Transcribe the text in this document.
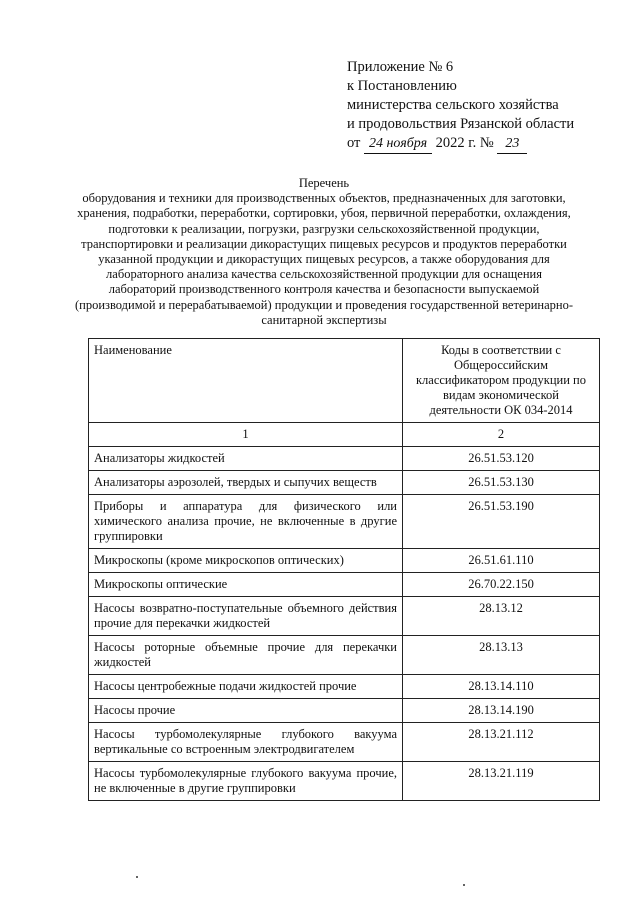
Приложение № 6
к Постановлению
министерства сельского хозяйства
и продовольствия Рязанской области
от 24 ноября 2022 г. № 23
Перечень
оборудования и техники для производственных объектов, предназначенных для заготовки, хранения, подработки, переработки, сортировки, убоя, первичной переработки, охлаждения, подготовки к реализации, погрузки, разгрузки сельскохозяйственной продукции, транспортировки и реализации дикорастущих пищевых ресурсов и продуктов переработки указанной продукции и дикорастущих пищевых ресурсов, а также оборудования для лабораторного анализа качества сельскохозяйственной продукции для оснащения лабораторий производственного контроля качества и безопасности выпускаемой (производимой и перерабатываемой) продукции и проведения государственной ветеринарно-санитарной экспертизы
Наименование	Коды в соответствии с Общероссийским классификатором продукции по видам экономической деятельности ОК 034-2014
1	2
Анализаторы жидкостей	26.51.53.120
Анализаторы аэрозолей, твердых и сыпучих веществ	26.51.53.130
Приборы и аппаратура для физического или химического анализа прочие, не включенные в другие группировки	26.51.53.190
Микроскопы (кроме микроскопов оптических)	26.51.61.110
Микроскопы оптические	26.70.22.150
Насосы возвратно-поступательные объемного действия прочие для перекачки жидкостей	28.13.12
Насосы роторные объемные прочие для перекачки жидкостей	28.13.13
Насосы центробежные подачи жидкостей прочие	28.13.14.110
Насосы прочие	28.13.14.190
Насосы турбомолекулярные глубокого вакуума вертикальные со встроенным электродвигателем	28.13.21.112
Насосы турбомолекулярные глубокого вакуума прочие, не включенные в другие группировки	28.13.21.119
